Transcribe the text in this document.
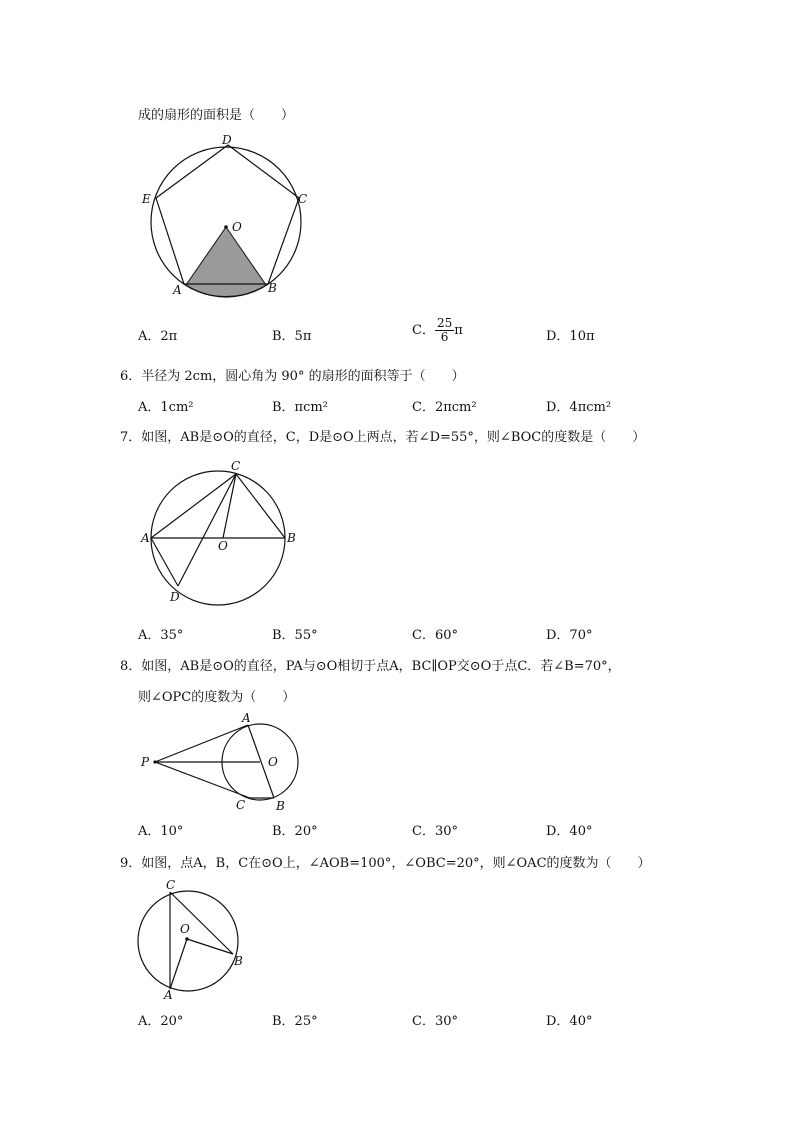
成的扇形的面积是（　　）
D
E	C
O
A	B
A．2π	B．5π	C． $\frac{25}{6}$ π	D．10π
6．半径为 2cm，圆心角为 90° 的扇形的面积等于（　　）
A．1cm²	B．πcm²	C．2πcm²	D．4πcm²
7．如图，AB是⊙O的直径，C，D是⊙O上两点，若∠D=55°，则∠BOC的度数是（　　）
C
A
O
B
D
A．35°	B．55°	C．60°	D．70°
8．如图，AB是⊙O的直径，PA与⊙O相切于点A，BC∥OP交⊙O于点C．若∠B=70°，
则∠OPC的度数为（　　）
A
P	O
C	B
A．10°	B．20°	C．30°	D．40°
9．如图，点A，B，C在⊙O上，∠AOB=100°，∠OBC=20°，则∠OAC的度数为（　　）
C
O
B
A
A．20°	B．25°	C．30°	D．40°
